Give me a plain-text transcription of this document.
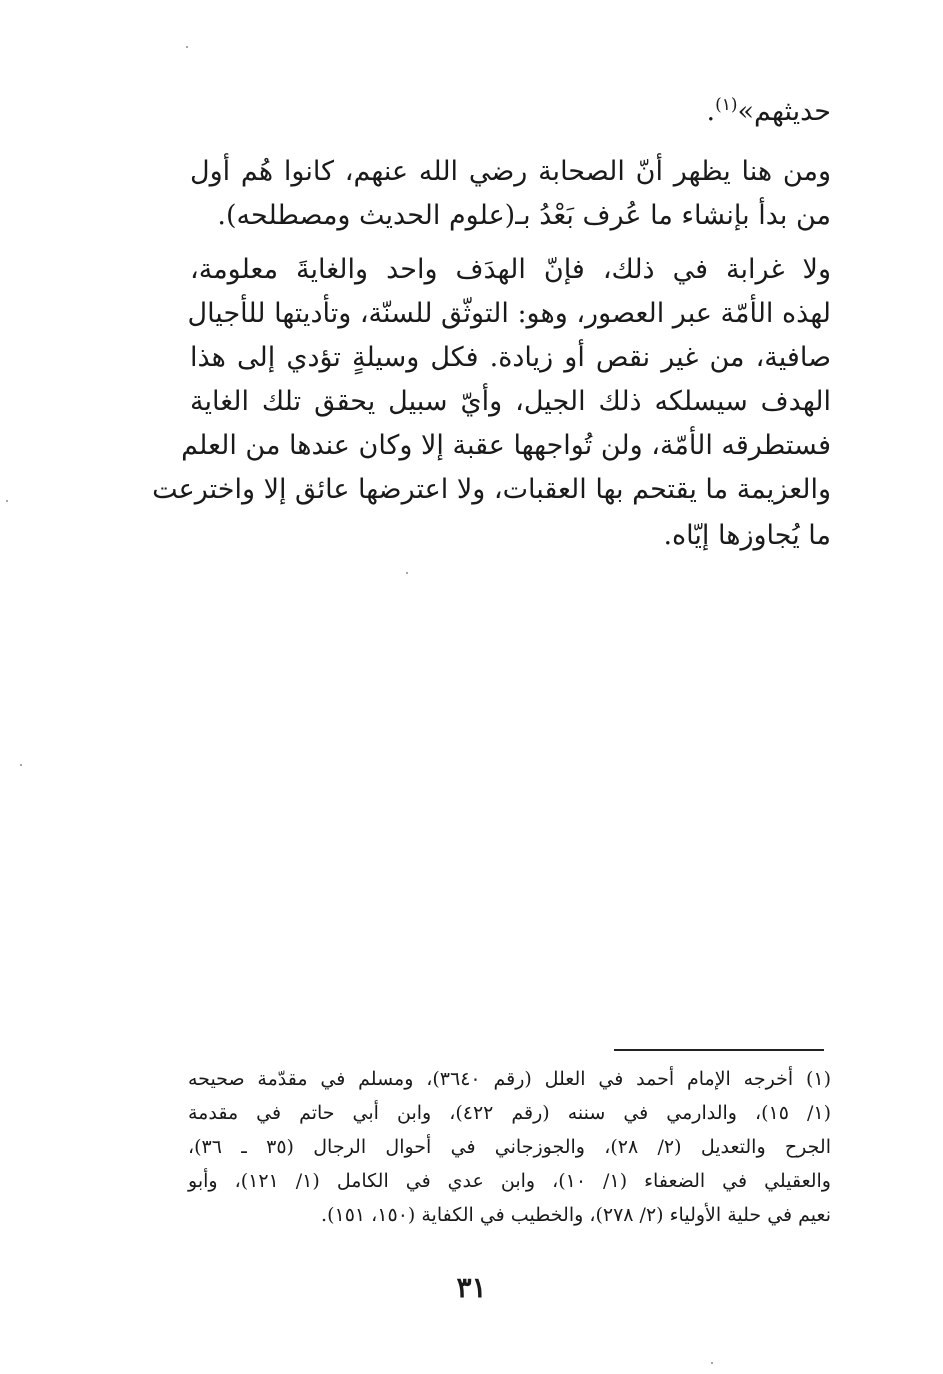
حديثهم»$^{(١)}$.
ومن هنا يظهر أنّ الصحابة رضي الله عنهم، كانوا هُم أول
من بدأ بإنشاء ما عُرف بَعْدُ بـ(علوم الحديث ومصطلحه).
ولا غرابة في ذلك، فإنّ الهدَف واحد والغايةَ معلومة،
لهذه الأمّة عبر العصور، وهو: التوثّق للسنّة، وتأديتها للأجيال
صافية، من غير نقص أو زيادة. فكل وسيلةٍ تؤدي إلى هذا
الهدف سيسلكه ذلك الجيل، وأيّ سبيل يحقق تلك الغاية
فستطرقه الأمّة، ولن تُواجهها عقبة إلا وكان عندها من العلم
والعزيمة ما يقتحم بها العقبات، ولا اعترضها عائق إلا واخترعت
ما يُجاوزها إيّاه.
(١) أخرجه الإمام أحمد في العلل (رقم ٣٦٤٠)، ومسلم في مقدّمة صحيحه
(١/ ١٥)، والدارمي في سننه (رقم ٤٢٢)، وابن أبي حاتم في مقدمة
الجرح والتعديل (٢/ ٢٨)، والجوزجاني في أحوال الرجال (٣٥ ـ ٣٦)،
والعقيلي في الضعفاء (١/ ١٠)، وابن عدي في الكامل (١/ ١٢١)، وأبو
نعيم في حلية الأولياء (٢/ ٢٧٨)، والخطيب في الكفاية (١٥٠، ١٥١).
٣١
